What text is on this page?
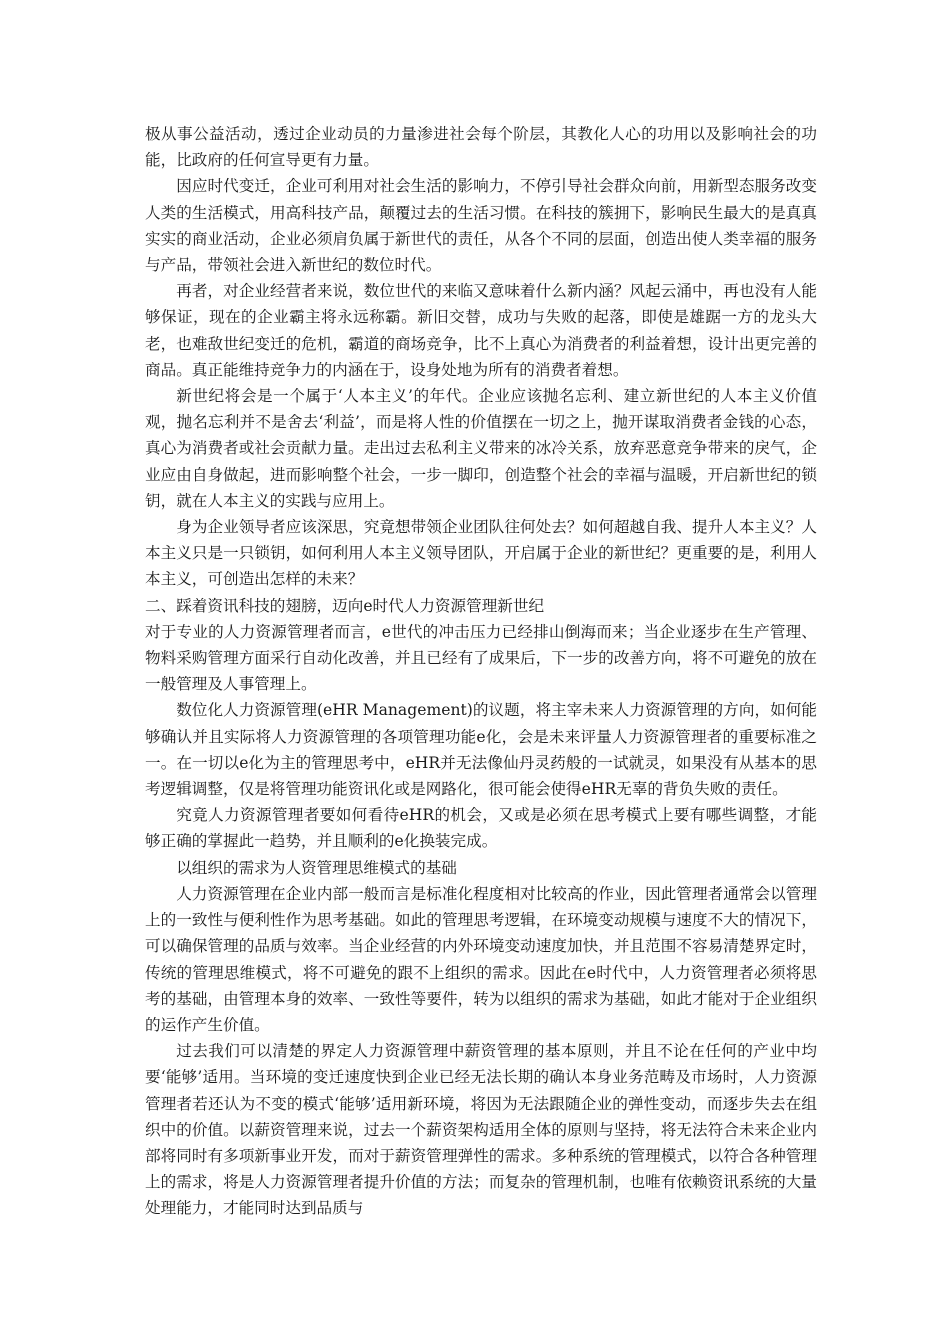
极从事公益活动，透过企业动员的力量渗进社会每个阶层，其教化人心的功用以及影响社会的功能，比政府的任何宣导更有力量。

因应时代变迁，企业可利用对社会生活的影响力，不停引导社会群众向前，用新型态服务改变人类的生活模式，用高科技产品，颠覆过去的生活习惯。在科技的簇拥下，影响民生最大的是真真实实的商业活动，企业必须肩负属于新世代的责任，从各个不同的层面，创造出使人类幸福的服务与产品，带领社会进入新世纪的数位时代。

再者，对企业经营者来说，数位世代的来临又意味着什么新内涵？风起云涌中，再也没有人能够保证，现在的企业霸主将永远称霸。新旧交替，成功与失败的起落，即使是雄踞一方的龙头大老，也难敌世纪变迁的危机，霸道的商场竞争，比不上真心为消费者的利益着想，设计出更完善的商品。真正能维持竞争力的内涵在于，设身处地为所有的消费者着想。

新世纪将会是一个属于‘人本主义’的年代。企业应该抛名忘利、建立新世纪的人本主义价值观，抛名忘利并不是舍去‘利益’，而是将人性的价值摆在一切之上，抛开谋取消费者金钱的心态，真心为消费者或社会贡献力量。走出过去私利主义带来的冰冷关系，放弃恶意竞争带来的戾气，企业应由自身做起，进而影响整个社会，一步一脚印，创造整个社会的幸福与温暖，开启新世纪的锁钥，就在人本主义的实践与应用上。

身为企业领导者应该深思，究竟想带领企业团队往何处去？如何超越自我、提升人本主义？人本主义只是一只锁钥，如何利用人本主义领导团队，开启属于企业的新世纪？更重要的是，利用人本主义，可创造出怎样的未来？

二、踩着资讯科技的翅膀，迈向e时代人力资源管理新世纪

对于专业的人力资源管理者而言，e世代的冲击压力已经排山倒海而来；当企业逐步在生产管理、物料采购管理方面采行自动化改善，并且已经有了成果后，下一步的改善方向，将不可避免的放在一般管理及人事管理上。

数位化人力资源管理(eHR Management)的议题，将主宰未来人力资源管理的方向，如何能够确认并且实际将人力资源管理的各项管理功能e化，会是未来评量人力资源管理者的重要标准之一。在一切以e化为主的管理思考中，eHR并无法像仙丹灵药般的一试就灵，如果没有从基本的思考逻辑调整，仅是将管理功能资讯化或是网路化，很可能会使得eHR无辜的背负失败的责任。

究竟人力资源管理者要如何看待eHR的机会，又或是必须在思考模式上要有哪些调整，才能够正确的掌握此一趋势，并且顺利的e化换装完成。

以组织的需求为人资管理思维模式的基础

人力资源管理在企业内部一般而言是标准化程度相对比较高的作业，因此管理者通常会以管理上的一致性与便利性作为思考基础。如此的管理思考逻辑，在环境变动规模与速度不大的情况下，可以确保管理的品质与效率。当企业经营的内外环境变动速度加快，并且范围不容易清楚界定时，传统的管理思维模式，将不可避免的跟不上组织的需求。因此在e时代中，人力资管理者必须将思考的基础，由管理本身的效率、一致性等要件，转为以组织的需求为基础，如此才能对于企业组织的运作产生价值。

过去我们可以清楚的界定人力资源管理中薪资管理的基本原则，并且不论在任何的产业中均要‘能够’适用。当环境的变迁速度快到企业已经无法长期的确认本身业务范畴及市场时，人力资源管理者若还认为不变的模式‘能够’适用新环境，将因为无法跟随企业的弹性变动，而逐步失去在组织中的价值。以薪资管理来说，过去一个薪资架构适用全体的原则与坚持，将无法符合未来企业内部将同时有多项新事业开发，而对于薪资管理弹性的需求。多种系统的管理模式，以符合各种管理上的需求，将是人力资源管理者提升价值的方法；而复杂的管理机制，也唯有依赖资讯系统的大量处理能力，才能同时达到品质与
